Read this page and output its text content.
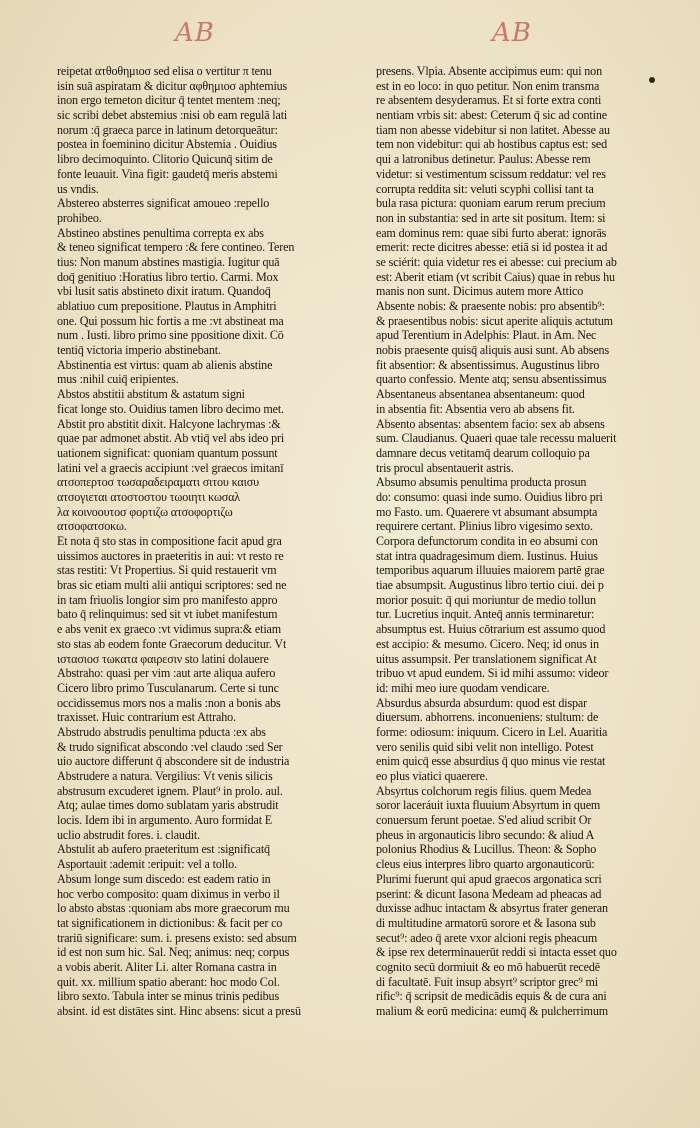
AB	AB
reipetat ατθοθημιοσ sed elisa o vertitur π tenu
isin suā aspiratam & dicitur αφθημιοσ aphtemius
inon ergo temeton dicitur q̄ tentet mentem :neq;
sic scribi debet abstemius :nisi ob eam regulā lati
norum :q̄ graeca parce in latinum detorqueātur:
postea in foeminino dicitur Abstemia . Ouidius
libro decimoquinto. Clitorio Quicunq̄ sitim de
fonte leuauit. Vina figit: gaudetq̄ meris abstemi
us vndis.
Abstereo absterres significat amoueo :repello
prohibeo.
Abstineo abstines penultima correpta ex abs
& teneo significat tempero :& fere contineo. Teren
tius: Non manum abstines mastigia. Iugitur quā
doq̄ genitiuo :Horatius libro tertio. Carmi. Mox
vbi lusit satis abstineto dixit iratum. Quandoq̄
ablatiuo cum prepositione. Plautus in Amphitri
one. Qui possum hic fortis a me :vt abstineat ma
num . Iusti. libro primo sine ppositione dixit. Cō
tentiq̄ victoria imperio abstinebant.
Abstinentia est virtus: quam ab alienis abstine
mus :nihil cuiq̄ eripientes.
Abstos abstitii abstitum & astatum signi
ficat longe sto. Ouidius tamen libro decimo met.
Abstit pro abstitit dixit. Halcyone lachrymas :&
quae par admonet abstit. Ab vtiq̄ vel abs ideo pri
uationem significat: quoniam quantum possunt
latini vel a graecis accipiunt :vel graecos imitanī
ατσοπερτοσ τωσαραδειραματι σιτου καισυ
ατσογιεται ατοστοστου τωοιητι κωσαλ
λα κοινοουτοσ φορτιζω ατσοφορτιζω
ατσοφατσοκω.
Et nota q̄ sto stas in compositione facit apud gra
uissimos auctores in praeteritis in aui: vt resto re
stas restiti: Vt Propertius. Si quid restauerit vm
bras sic etiam multi alii antiqui scriptores: sed ne
in tam friuolis longior sim pro manifesto appro
bato q̄ relinquimus: sed sit vt iubet manifestum
e abs venit ex graeco :vt vidimus supra:& etiam
sto stas ab eodem fonte Graecorum deducitur. Vt
ιστασιοσ τωκατα φαιρεσιν sto latini dolauere
Abstraho: quasi per vim :aut arte aliqua aufero
Cicero libro primo Tusculanarum. Certe si tunc
occidissemus mors nos a malis :non a bonis abs
traxisset. Huic contrarium est Attraho.
Abstrudo abstrudis penultima pducta :ex abs
& trudo significat abscondo :vel claudo :sed Ser
uio auctore differunt q̄ abscondere sit de industria
Abstrudere a natura. Vergilius: Vt venis silicis
abstrusum excuderet ignem. Plaut⁹ in prolo. aul.
Atq; aulae times domo sublatam yaris abstrudit
locis. Idem ibi in argumento. Auro formidat E
uclio abstrudit fores. i. claudit.
Abstulit ab aufero praeteritum est :significatq̄
Asportauit :ademit :eripuit: vel a tollo.
Absum longe sum discedo: est eadem ratio in
hoc verbo composito: quam diximus in verbo il
lo absto abstas :quoniam abs more graecorum mu
tat significationem in dictionibus: & facit per co
trariū significare: sum. i. presens existo: sed absum
id est non sum hic. Sal. Neq; animus: neq; corpus
a vobis aberit. Aliter Li. alter Romana castra in
quit. xx. millium spatio aberant: hoc modo Col.
libro sexto. Tabula inter se minus trinis pedibus
absint. id est distātes sint. Hinc absens: sicut a presū
presens. Vlpia. Absente accipimus eum: qui non
est in eo loco: in quo petitur. Non enim transma
re absentem desyderamus. Et si forte extra conti
nentiam vrbis sit: abest: Ceterum q̄ sic ad contine
tiam non abesse videbitur si non latitet. Abesse au
tem non videbitur: qui ab hostibus captus est: sed
qui a latronibus detinetur. Paulus: Abesse rem
videtur: si vestimentum scissum reddatur: vel res
corrupta reddita sit: veluti scyphi collisi tant ta
bula rasa pictura: quoniam earum rerum precium
non in substantia: sed in arte sit positum. Item: si
eam dominus rem: quae sibi furto aberat: ignorās
emerit: recte dicitres abesse: etiā si id postea it ad
se sciérit: quia videtur res ei abesse: cui precium ab
est: Aberit etiam (vt scribit Caius) quae in rebus hu
manis non sunt. Dicimus autem more Attico
Absente nobis: & praesente nobis: pro absentib⁹:
& praesentibus nobis: sicut aperite aliquis actutum
apud Terentium in Adelphis: Plaut. in Am. Nec
nobis praesente quisq̄ aliquis ausi sunt. Ab absens
fit absentior: & absentissimus. Augustinus libro
quarto confessio. Mente atq; sensu absentissimus
Absentaneus absentanea absentaneum: quod
in absentia fit: Absentia vero ab absens fit.
Absento absentas: absentem facio: sex ab absens
sum. Claudianus. Quaeri quae tale recessu maluerit
damnare decus vetitamq̄ dearum colloquio pa
tris procul absentauerit astris.
Absumo absumis penultima producta prosun
do: consumo: quasi inde sumo. Ouidius libro pri
mo Fasto. um. Quaerere vt absumant absumpta
requirere certant. Plinius libro vigesimo sexto.
Corpora defunctorum condita in eo absumi con
stat intra quadragesimum diem. Iustinus. Huius
temporibus aquarum illuuies maiorem partē grae
tiae absumpsit. Augustinus libro tertio ciui. dei p
morior posuit: q̄ qui moriuntur de medio tollun
tur. Lucretius inquit. Anteq̄ annis terminaretur:
absumptus est. Huius cōtrarium est assumo quod
est accipio: & mesumo. Cicero. Neq; id onus in
uitus assumpsit. Per translationem significat At
tribuo vt apud eundem. Si id mihi assumo: videor
id: mihi meo iure quodam vendicare.
Absurdus absurda absurdum: quod est dispar
diuersum. abhorrens. inconueniens: stultum: de
forme: odiosum: iniquum. Cicero in Lel. Auaritia
vero senilis quid sibi velit non intelligo. Potest
enim quicq̄ esse absurdius q̄ quo minus vie restat
eo plus viatici quaerere.
Absyrtus colchorum regis filius. quem Medea
soror laceráuit iuxta fluuium Absyrtum in quem
conuersum ferunt poetae. S'ed aliud scribit Or
pheus in argonauticis libro secundo: & aliud A
polonius Rhodius & Lucillus. Theon: & Sopho
cleus eius interpres libro quarto argonauticorū:
Plurimi fuerunt qui apud graecos argonatica scri
pserint: & dicunt Iasona Medeam ad pheacas ad
duxisse adhuc intactam & absyrtus frater generan
di multitudine armatorū sorore et & Iasona sub
secut⁹: adeo q̄ arete vxor alcioni regis pheacum
& ipse rex determinauerūt reddi si intacta esset quo
cognito secū dormiuit & eo mō habuerūt recedē
di facultatē. Fuit insup absyrt⁹ scriptor grec⁹ mi
rific⁹: q̄ scripsit de medicādis equis & de cura ani
malium & eorū medicina: eumq̄ & pulcherrimum
